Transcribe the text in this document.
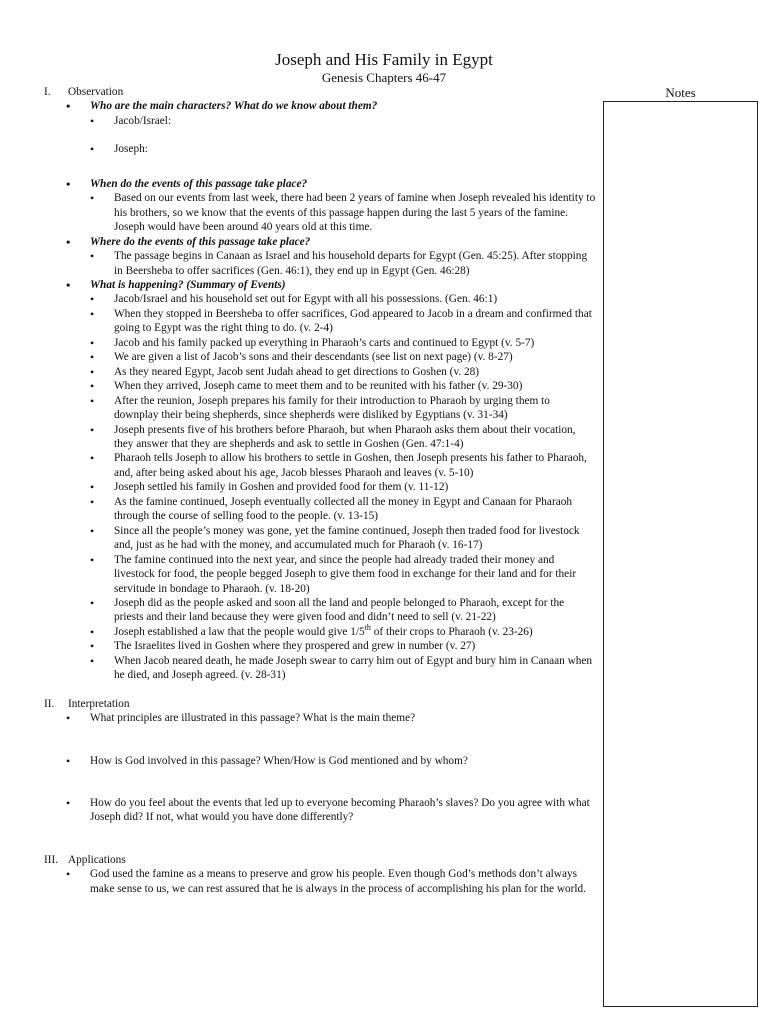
Joseph and His Family in Egypt
Genesis Chapters 46-47
Notes
I. Observation
• Who are the main characters? What do we know about them?
• Jacob/Israel:
• Joseph:
• When do the events of this passage take place?
• Based on our events from last week, there had been 2 years of famine when Joseph revealed his identity to his brothers, so we know that the events of this passage happen during the last 5 years of the famine. Joseph would have been around 40 years old at this time.
• Where do the events of this passage take place?
• The passage begins in Canaan as Israel and his household departs for Egypt (Gen. 45:25). After stopping in Beersheba to offer sacrifices (Gen. 46:1), they end up in Egypt (Gen. 46:28)
• What is happening? (Summary of Events)
• Jacob/Israel and his household set out for Egypt with all his possessions. (Gen. 46:1)
• When they stopped in Beersheba to offer sacrifices, God appeared to Jacob in a dream and confirmed that going to Egypt was the right thing to do. (v. 2-4)
• Jacob and his family packed up everything in Pharaoh’s carts and continued to Egypt (v. 5-7)
• We are given a list of Jacob’s sons and their descendants (see list on next page) (v. 8-27)
• As they neared Egypt, Jacob sent Judah ahead to get directions to Goshen (v. 28)
• When they arrived, Joseph came to meet them and to be reunited with his father (v. 29-30)
• After the reunion, Joseph prepares his family for their introduction to Pharaoh by urging them to downplay their being shepherds, since shepherds were disliked by Egyptians (v. 31-34)
• Joseph presents five of his brothers before Pharaoh, but when Pharaoh asks them about their vocation, they answer that they are shepherds and ask to settle in Goshen (Gen. 47:1-4)
• Pharaoh tells Joseph to allow his brothers to settle in Goshen, then Joseph presents his father to Pharaoh, and, after being asked about his age, Jacob blesses Pharaoh and leaves (v. 5-10)
• Joseph settled his family in Goshen and provided food for them (v. 11-12)
• As the famine continued, Joseph eventually collected all the money in Egypt and Canaan for Pharaoh through the course of selling food to the people. (v. 13-15)
• Since all the people’s money was gone, yet the famine continued, Joseph then traded food for livestock and, just as he had with the money, and accumulated much for Pharaoh (v. 16-17)
• The famine continued into the next year, and since the people had already traded their money and livestock for food, the people begged Joseph to give them food in exchange for their land and for their servitude in bondage to Pharaoh. (v. 18-20)
• Joseph did as the people asked and soon all the land and people belonged to Pharaoh, except for the priests and their land because they were given food and didn’t need to sell (v. 21-22)
• Joseph established a law that the people would give 1/5th of their crops to Pharaoh (v. 23-26)
• The Israelites lived in Goshen where they prospered and grew in number (v. 27)
• When Jacob neared death, he made Joseph swear to carry him out of Egypt and bury him in Canaan when he died, and Joseph agreed. (v. 28-31)
II. Interpretation
• What principles are illustrated in this passage? What is the main theme?
• How is God involved in this passage? When/How is God mentioned and by whom?
• How do you feel about the events that led up to everyone becoming Pharaoh’s slaves? Do you agree with what Joseph did? If not, what would you have done differently?
III. Applications
• God used the famine as a means to preserve and grow his people. Even though God’s methods don’t always make sense to us, we can rest assured that he is always in the process of accomplishing his plan for the world.
